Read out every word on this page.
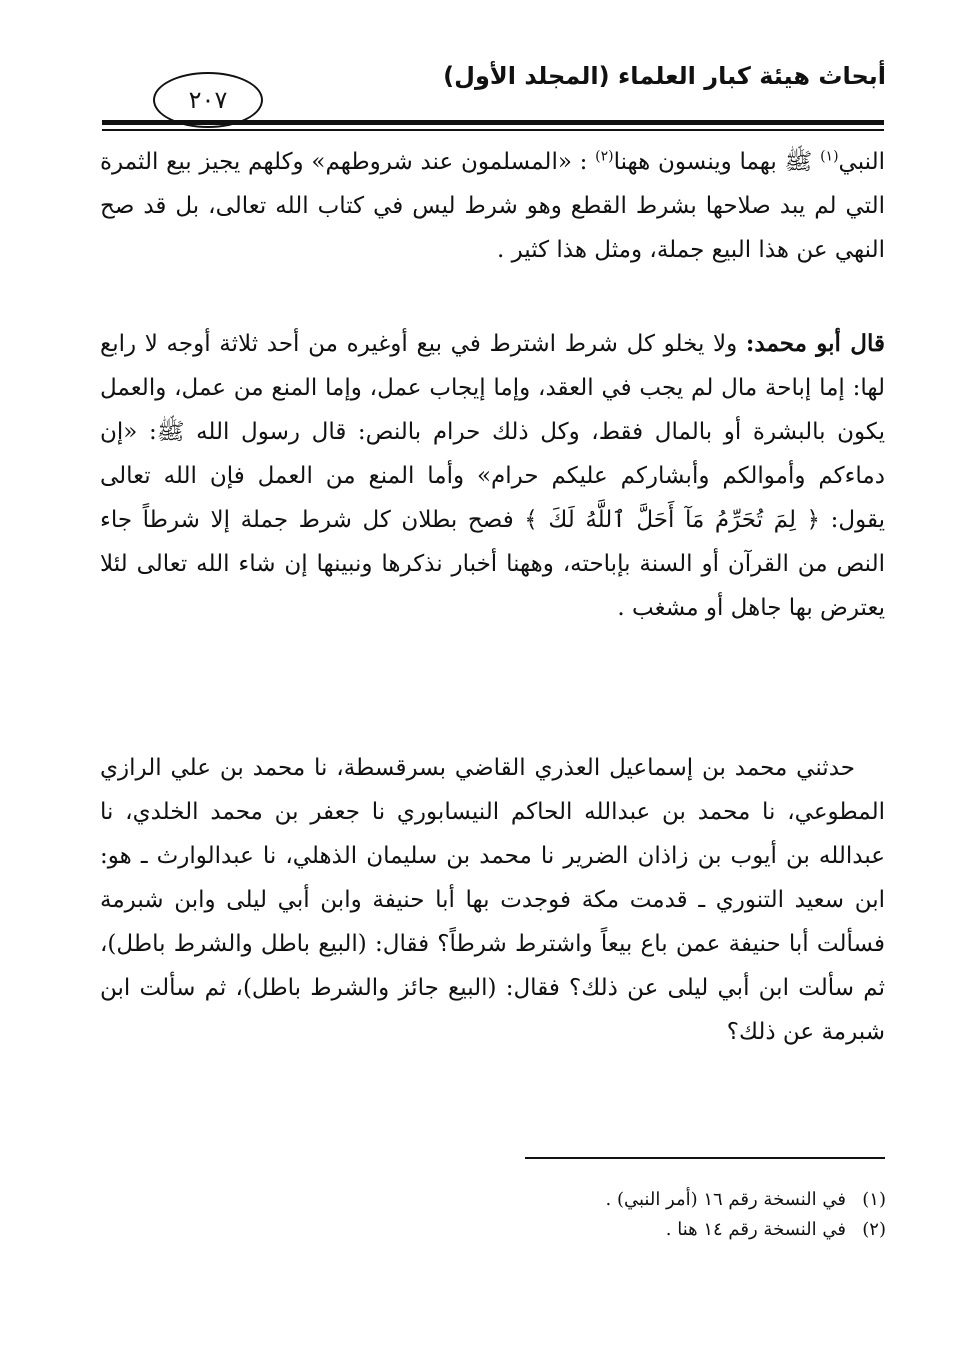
أبحاث هيئة كبار العلماء (المجلد الأول)
٢٠٧

النبي$^{(١)}$ ﷺ بهما وينسون ههنا$^{(٢)}$ : «المسلمون عند شروطهم» وكلهم يجيز بيع الثمرة التي لم يبد صلاحها بشرط القطع وهو شرط ليس في كتاب الله تعالى، بل قد صح النهي عن هذا البيع جملة، ومثل هذا كثير .

قال أبو محمد: ولا يخلو كل شرط اشترط في بيع أوغيره من أحد ثلاثة أوجه لا رابع لها: إما إباحة مال لم يجب في العقد، وإما إيجاب عمل، وإما المنع من عمل، والعمل يكون بالبشرة أو بالمال فقط، وكل ذلك حرام بالنص: قال رسول الله ﷺ: «إن دماءكم وأموالكم وأبشاركم عليكم حرام» وأما المنع من العمل فإن الله تعالى يقول: ﴿ لِمَ تُحَرِّمُ مَآ أَحَلَّ ٱللَّهُ لَكَ ﴾ فصح بطلان كل شرط جملة إلا شرطاً جاء النص من القرآن أو السنة بإباحته، وههنا أخبار نذكرها ونبينها إن شاء الله تعالى لئلا يعترض بها جاهل أو مشغب .

حدثني محمد بن إسماعيل العذري القاضي بسرقسطة، نا محمد بن علي الرازي المطوعي، نا محمد بن عبدالله الحاكم النيسابوري نا جعفر بن محمد الخلدي، نا عبدالله بن أيوب بن زاذان الضرير نا محمد بن سليمان الذهلي، نا عبدالوارث ـ هو: ابن سعيد التنوري ـ قدمت مكة فوجدت بها أبا حنيفة وابن أبي ليلى وابن شبرمة فسألت أبا حنيفة عمن باع بيعاً واشترط شرطاً؟ فقال: (البيع باطل والشرط باطل)، ثم سألت ابن أبي ليلى عن ذلك؟ فقال: (البيع جائز والشرط باطل)، ثم سألت ابن شبرمة عن ذلك؟

(١)في النسخة رقم ١٦ (أمر النبي) .
(٢)في النسخة رقم ١٤ هنا .
